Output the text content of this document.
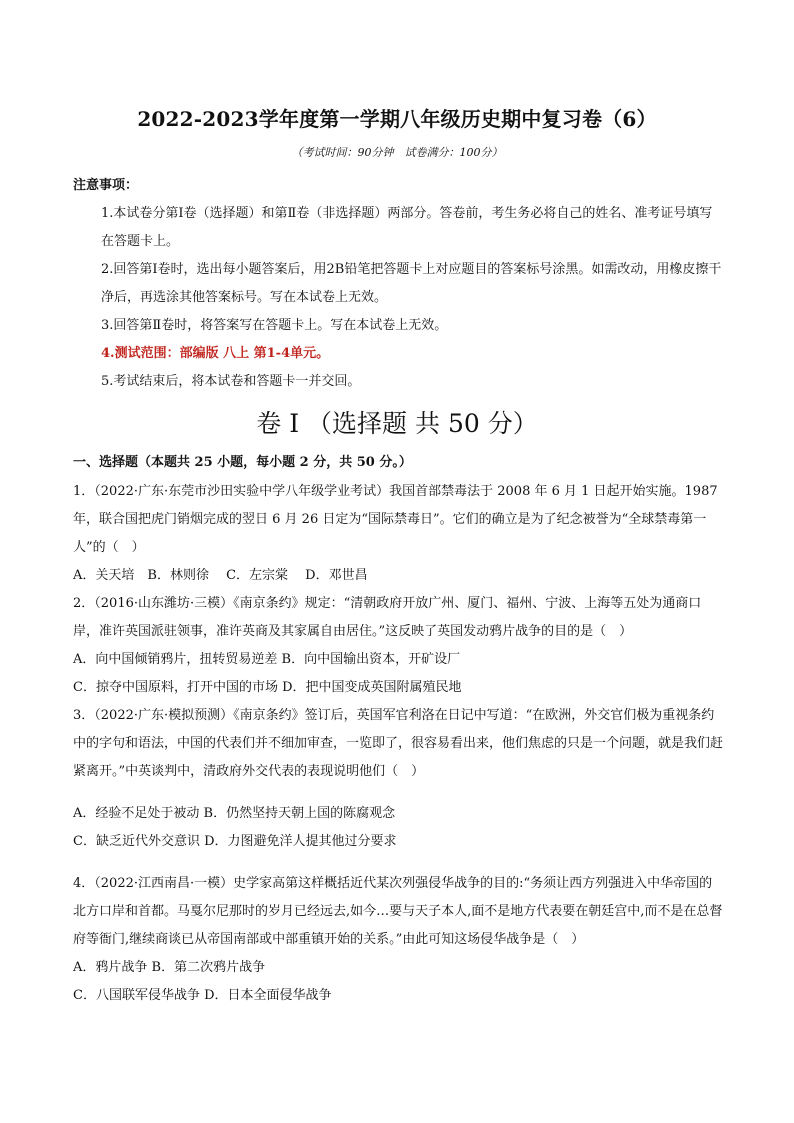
2022-2023学年度第一学期八年级历史期中复习卷（6）
（考试时间：90分钟　试卷满分：100分）
注意事项：
1.本试卷分第Ⅰ卷（选择题）和第Ⅱ卷（非选择题）两部分。答卷前，考生务必将自己的姓名、准考证号填写在答题卡上。
2.回答第Ⅰ卷时，选出每小题答案后，用2B铅笔把答题卡上对应题目的答案标号涂黑。如需改动，用橡皮擦干净后，再选涂其他答案标号。写在本试卷上无效。
3.回答第Ⅱ卷时，将答案写在答题卡上。写在本试卷上无效。
4.测试范围：部编版 八上 第1-4单元。
5.考试结束后，将本试卷和答题卡一并交回。
卷 I （选择题 共 50 分）
一、选择题（本题共 25 小题，每小题 2 分，共 50 分。）
1．（2022·广东·东莞市沙田实验中学八年级学业考试）我国首部禁毒法于 2008 年 6 月 1 日起开始实施。1987 年，联合国把虎门销烟完成的翌日 6 月 26 日定为“国际禁毒日”。它们的确立是为了纪念被誉为“全球禁毒第一人”的（　）
A．关天培　B．林则徐　 C．左宗棠　 D．邓世昌
2．（2016·山东潍坊·三模）《南京条约》规定：“清朝政府开放广州、厦门、福州、宁波、上海等五处为通商口岸，准许英国派驻领事，准许英商及其家属自由居住。”这反映了英国发动鸦片战争的目的是（　）
A．向中国倾销鸦片，扭转贸易逆差 B．向中国输出资本，开矿设厂
C．掠夺中国原料，打开中国的市场 D．把中国变成英国附属殖民地
3．（2022·广东·模拟预测）《南京条约》签订后，英国军官利洛在日记中写道：“在欧洲，外交官们极为重视条约中的字句和语法，中国的代表们并不细加审查，一览即了，很容易看出来，他们焦虑的只是一个问题，就是我们赶紧离开。”中英谈判中，清政府外交代表的表现说明他们（　）
A．经验不足处于被动 B．仍然坚持天朝上国的陈腐观念
C．缺乏近代外交意识 D．力图避免洋人提其他过分要求
4．（2022·江西南昌·一模）史学家高第这样概括近代某次列强侵华战争的目的:“务须让西方列强进入中华帝国的北方口岸和首都。马戛尔尼那时的岁月已经远去,如今…要与天子本人,面不是地方代表要在朝廷宫中,而不是在总督府等衙门,继续商谈已从帝国南部或中部重镇开始的关系。”由此可知这场侵华战争是（　）
A．鸦片战争 B．第二次鸦片战争
C．八国联军侵华战争 D．日本全面侵华战争
